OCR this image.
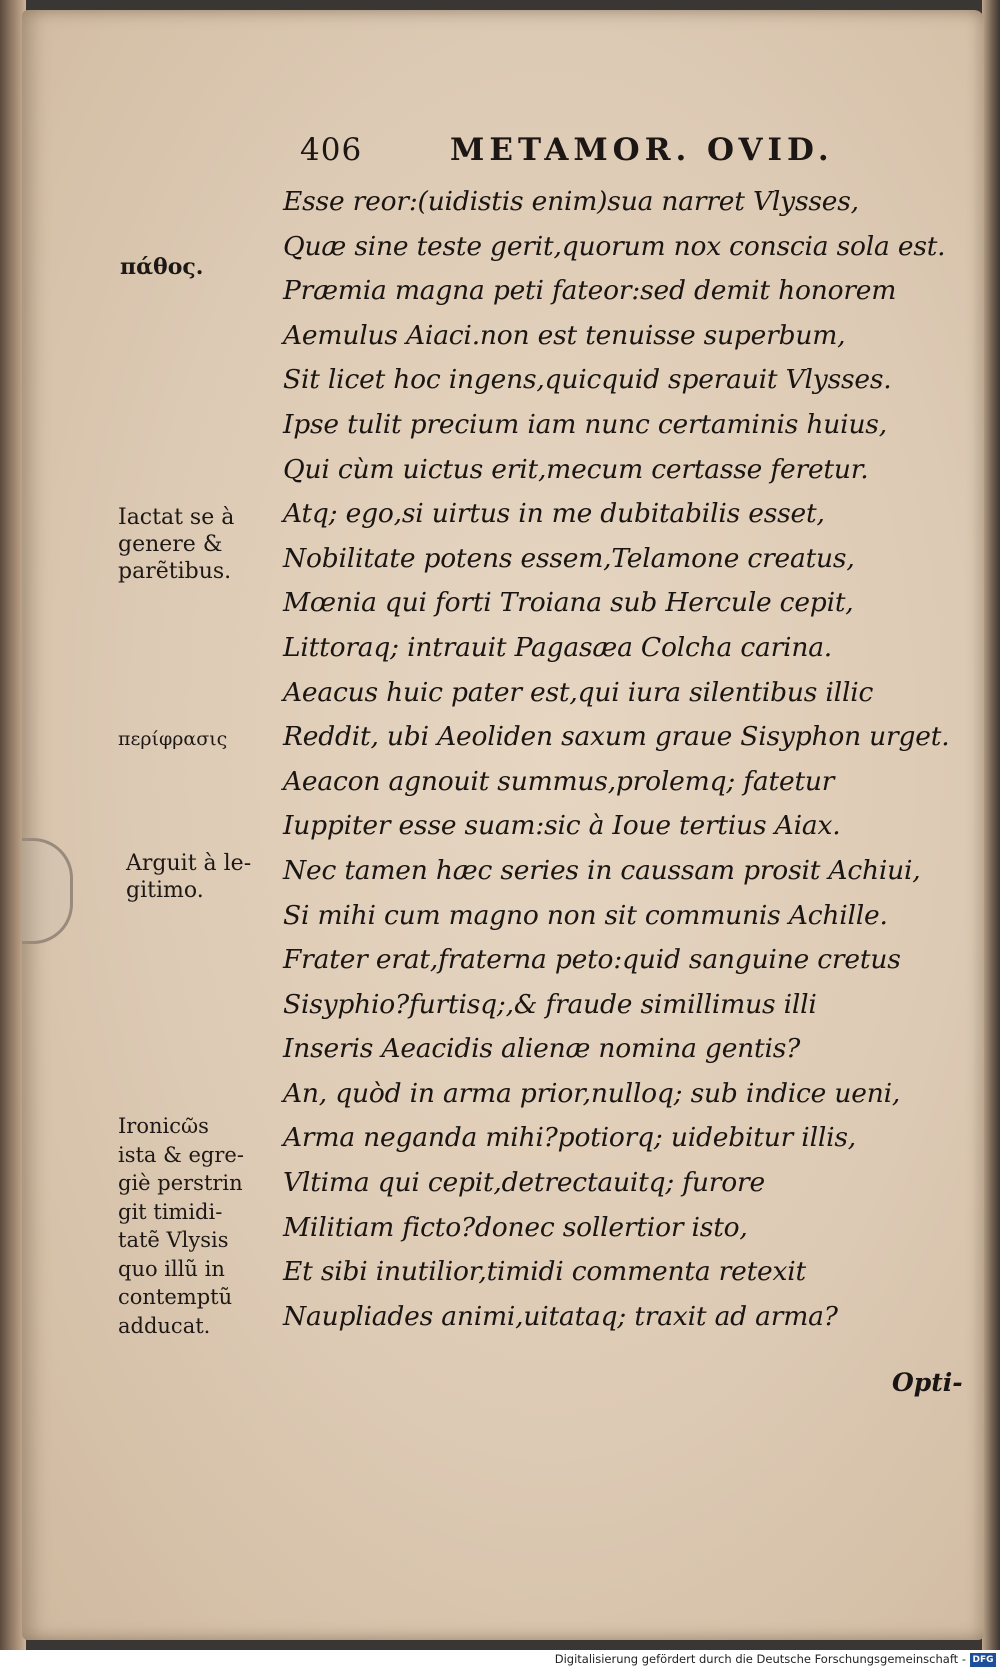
406	METAMOR. OVID.
Esse reor:(uidistis enim)sua narret Vlysses,
Quæ sine teste gerit,quorum nox conscia sola est.
Præmia magna peti fateor:sed demit honorem
Aemulus Aiaci.non est tenuisse superbum,
Sit licet hoc ingens,quicquid sperauit Vlysses.
Ipse tulit precium iam nunc certaminis huius,
Qui cùm uictus erit,mecum certasse feretur.
Atq; ego,si uirtus in me dubitabilis esset,
Nobilitate potens essem,Telamone creatus,
Mœnia qui forti Troiana sub Hercule cepit,
Littoraq; intrauit Pagasæa Colcha carina.
Aeacus huic pater est,qui iura silentibus illic
Reddit, ubi Aeoliden saxum graue Sisyphon urget.
Aeacon agnouit summus,prolemq; fatetur
Iuppiter esse suam:sic à Ioue tertius Aiax.
Nec tamen hæc series in caussam prosit Achiui,
Si mihi cum magno non sit communis Achille.
Frater erat,fraterna peto:quid sanguine cretus
Sisyphio?furtisq;,& fraude simillimus illi
Inseris Aeacidis alienæ nomina gentis?
An, quòd in arma prior,nulloq; sub indice ueni,
Arma neganda mihi?potiorq; uidebitur illis,
Vltima qui cepit,detrectauitq; furore
Militiam ficto?donec sollertior isto,
Et sibi inutilior,timidi commenta retexit
Naupliades animi,uitataq; traxit ad arma?
πάθος.
Iactat se à
genere &
parẽtibus.
περίφρασις
Arguit à le-
gitimo.
Ironicῶs
ista & egre-
giè perstrin
git timidi-
tatẽ Vlysis
quo illũ in
contemptũ
adducat.
Opti-
Digitalisierung gefördert durch die Deutsche Forschungsgemeinschaft - DFG
